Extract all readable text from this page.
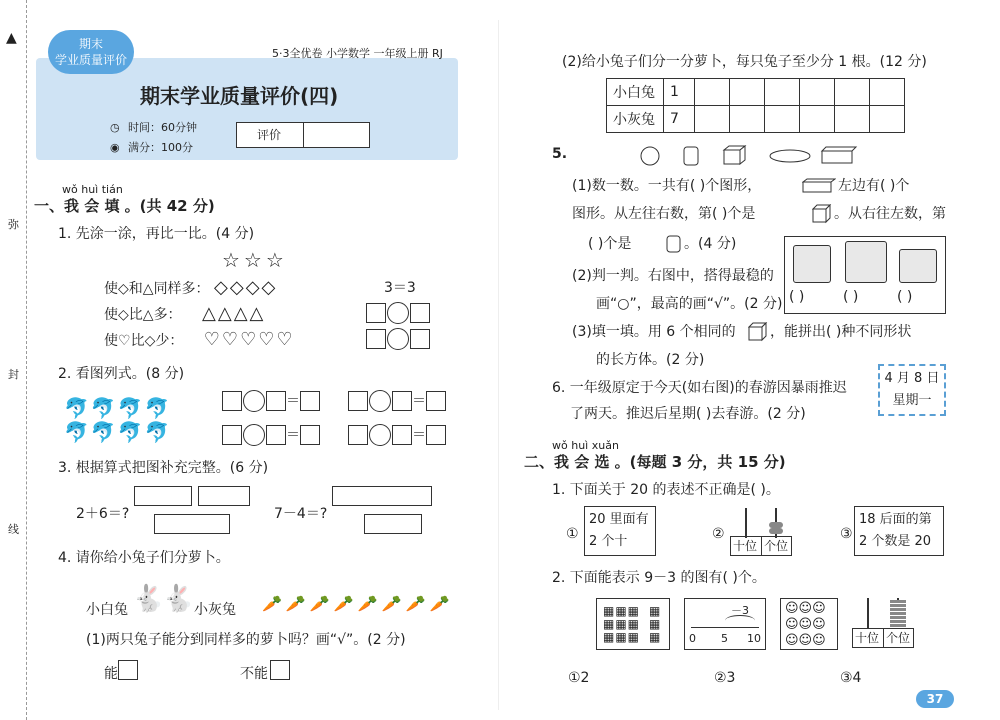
▲
弥
封
线
期末
学业质量评价	5·3全优卷 小学数学 一年级上册 RJ
期末学业质量评价(四)
◷ 时间：60分钟
◉ 满分：100分
评价
wǒ huì tián
一、我 会 填 。(共 42 分)
1. 先涂一涂，再比一比。(4 分)
☆☆☆
使◇和△同样多： ◇◇◇◇	3＝3
使◇比△多： △△△△
使♡比◇少： ♡♡♡♡♡
2. 看图列式。(8 分)
🐬🐬🐬🐬
🐬🐬🐬🐬
＝	＝
＝	＝
3. 根据算式把图补充完整。(6 分)
2＋6＝?	7－4＝?
4. 请你给小兔子们分萝卜。
小白兔 🐇
🐇 小灰兔 🥕🥕🥕🥕🥕🥕🥕🥕
(1)两只兔子能分到同样多的萝卜吗？画“√”。(2 分)
能	不能
(2)给小兔子们分一分萝卜，每只兔子至少分 1 根。(12 分)
小白兔	1						
小灰兔	7						
5.
(1)数一数。一共有( )个图形，	左边有( )个
图形。从左往右数，第( )个是	。从右往左数，第
( )个是	。(4 分)
( )	( )	( )
(2)判一判。右图中，搭得最稳的
画“○”，最高的画“√”。(2 分)
(3)填一填。用 6 个相同的 ，能拼出( )种不同形状
的长方体。(2 分)
6. 一年级原定于今天(如右图)的春游因暴雨推迟
了两天。推迟后星期( )去春游。(2 分)
4 月 8 日
星期一
wǒ huì xuǎn
二、我 会 选 。(每题 3 分，共 15 分)
1. 下面关于 20 的表述不正确是( )。
①
20 里面有
2 个十	②
十位 个位
③
18 后面的第
2 个数是 20
2. 下面能表示 9－3 的图有( )个。
▦▦▦
▦▦▦
▦▦▦
▦
▦
▦
－3
0 5 10
☺☺☺
☺☺☺
☺☺☺ 十位 个位
①2	②3	③4
37
